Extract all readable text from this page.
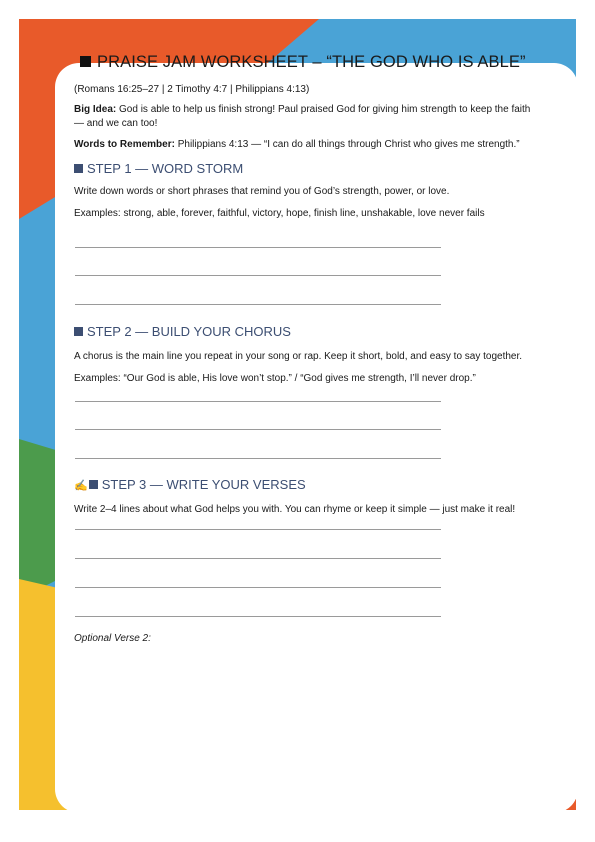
PRAISE JAM WORKSHEET – “THE GOD WHO IS ABLE”
(Romans 16:25–27 | 2 Timothy 4:7 | Philippians 4:13)
Big Idea: God is able to help us finish strong! Paul praised God for giving him strength to keep the faith — and we can too!
Words to Remember: Philippians 4:13 — “I can do all things through Christ who gives me strength.”
STEP 1 — WORD STORM
Write down words or short phrases that remind you of God’s strength, power, or love.
Examples: strong, able, forever, faithful, victory, hope, finish line, unshakable, love never fails
STEP 2 — BUILD YOUR CHORUS
A chorus is the main line you repeat in your song or rap. Keep it short, bold, and easy to say together.
Examples: “Our God is able, His love won’t stop.” / “God gives me strength, I’ll never drop.”
✍ STEP 3 — WRITE YOUR VERSES
Write 2–4 lines about what God helps you with. You can rhyme or keep it simple — just make it real!
Optional Verse 2:
